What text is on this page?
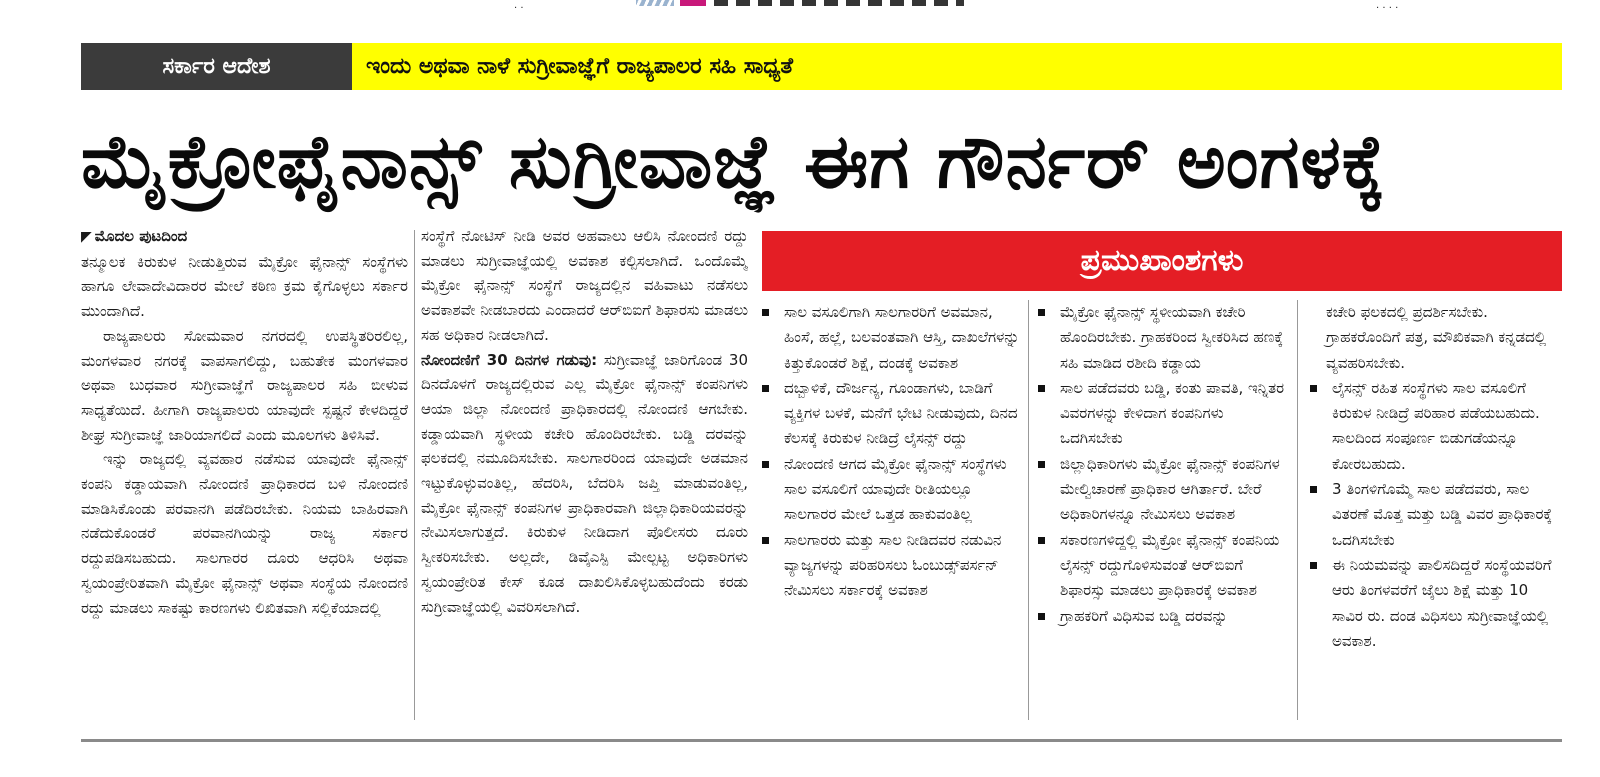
· ·	· · · ·
ಸರ್ಕಾರ ಆದೇಶ	ಇಂದು ಅಥವಾ ನಾಳೆ ಸುಗ್ರೀವಾಜ್ಞೆಗೆ ರಾಜ್ಯಪಾಲರ ಸಹಿ ಸಾಧ್ಯತೆ
ಮೈಕ್ರೋಫೈನಾನ್ಸ್ ಸುಗ್ರೀವಾಜ್ಞೆ ಈಗ ಗೌರ್ನರ್ ಅಂಗಳಕ್ಕೆ
◤ ಮೊದಲ ಪುಟದಿಂದ

ತನ್ಮೂಲಕ ಕಿರುಕುಳ ನೀಡುತ್ತಿರುವ ಮೈಕ್ರೋ ಫೈನಾನ್ಸ್ ಸಂಸ್ಥೆಗಳು ಹಾಗೂ ಲೇವಾದೇವಿದಾರರ ಮೇಲೆ ಕಠಿಣ ಕ್ರಮ ಕೈಗೊಳ್ಳಲು ಸರ್ಕಾರ ಮುಂದಾಗಿದೆ.

ರಾಜ್ಯಪಾಲರು ಸೋಮವಾರ ನಗರದಲ್ಲಿ ಉಪಸ್ಥಿತರಿರಲಿಲ್ಲ, ಮಂಗಳವಾರ ನಗರಕ್ಕೆ ವಾಪಸಾಗಲಿದ್ದು, ಬಹುತೇಕ ಮಂಗಳವಾರ ಅಥವಾ ಬುಧವಾರ ಸುಗ್ರೀವಾಜ್ಞೆಗೆ ರಾಜ್ಯಪಾಲರ ಸಹಿ ಬೀಳುವ ಸಾಧ್ಯತೆಯಿದೆ. ಹೀಗಾಗಿ ರಾಜ್ಯಪಾಲರು ಯಾವುದೇ ಸ್ಪಷ್ಟನೆ ಕೇಳದಿದ್ದರೆ ಶೀಘ್ರ ಸುಗ್ರೀವಾಜ್ಞೆ ಜಾರಿಯಾಗಲಿದೆ ಎಂದು ಮೂಲಗಳು ತಿಳಿಸಿವೆ.

ಇನ್ನು ರಾಜ್ಯದಲ್ಲಿ ವ್ಯವಹಾರ ನಡೆಸುವ ಯಾವುದೇ ಫೈನಾನ್ಸ್ ಕಂಪನಿ ಕಡ್ಡಾಯವಾಗಿ ನೋಂದಣಿ ಪ್ರಾಧಿಕಾರದ ಬಳಿ ನೋಂದಣಿ ಮಾಡಿಸಿಕೊಂಡು ಪರವಾನಗಿ ಪಡೆದಿರಬೇಕು. ನಿಯಮ ಬಾಹಿರವಾಗಿ ನಡೆದುಕೊಂಡರೆ ಪರವಾನಗಿಯನ್ನು ರಾಜ್ಯ ಸರ್ಕಾರ ರದ್ದುಪಡಿಸಬಹುದು. ಸಾಲಗಾರರ ದೂರು ಆಧರಿಸಿ ಅಥವಾ ಸ್ವಯಂಪ್ರೇರಿತವಾಗಿ ಮೈಕ್ರೋ ಫೈನಾನ್ಸ್ ಅಥವಾ ಸಂಸ್ಥೆಯ ನೋಂದಣಿ ರದ್ದು ಮಾಡಲು ಸಾಕಷ್ಟು ಕಾರಣಗಳು ಲಿಖಿತವಾಗಿ ಸಲ್ಲಿಕೆಯಾದಲ್ಲಿ

ಸಂಸ್ಥೆಗೆ ನೋಟಿಸ್ ನೀಡಿ ಅವರ ಅಹವಾಲು ಆಲಿಸಿ ನೋಂದಣಿ ರದ್ದು ಮಾಡಲು ಸುಗ್ರೀವಾಜ್ಞೆಯಲ್ಲಿ ಅವಕಾಶ ಕಲ್ಪಿಸಲಾಗಿದೆ. ಒಂದೊಮ್ಮೆ ಮೈಕ್ರೋ ಫೈನಾನ್ಸ್ ಸಂಸ್ಥೆಗೆ ರಾಜ್ಯದಲ್ಲಿನ ವಹಿವಾಟು ನಡೆಸಲು ಅವಕಾಶವೇ ನೀಡಬಾರದು ಎಂದಾದರೆ ಆರ್‌ಬಿಐಗೆ ಶಿಫಾರಸು ಮಾಡಲು ಸಹ ಅಧಿಕಾರ ನೀಡಲಾಗಿದೆ.

ನೋಂದಣಿಗೆ 30 ದಿನಗಳ ಗಡುವು: ಸುಗ್ರೀವಾಜ್ಞೆ ಜಾರಿಗೊಂಡ 30 ದಿನದೊಳಗೆ ರಾಜ್ಯದಲ್ಲಿರುವ ಎಲ್ಲ ಮೈಕ್ರೋ ಫೈನಾನ್ಸ್ ಕಂಪನಿಗಳು ಆಯಾ ಜಿಲ್ಲಾ ನೋಂದಣಿ ಪ್ರಾಧಿಕಾರದಲ್ಲಿ ನೋಂದಣಿ ಆಗಬೇಕು. ಕಡ್ಡಾಯವಾಗಿ ಸ್ಥಳೀಯ ಕಚೇರಿ ಹೊಂದಿರಬೇಕು. ಬಡ್ಡಿ ದರವನ್ನು ಫಲಕದಲ್ಲಿ ನಮೂದಿಸಬೇಕು. ಸಾಲಗಾರರಿಂದ ಯಾವುದೇ ಅಡಮಾನ ಇಟ್ಟುಕೊಳ್ಳುವಂತಿಲ್ಲ, ಹೆದರಿಸಿ, ಬೆದರಿಸಿ ಜಪ್ತಿ ಮಾಡುವಂತಿಲ್ಲ, ಮೈಕ್ರೋ ಫೈನಾನ್ಸ್ ಕಂಪನಿಗಳ ಪ್ರಾಧಿಕಾರವಾಗಿ ಜಿಲ್ಲಾಧಿಕಾರಿಯವರನ್ನು ನೇಮಿಸಲಾಗುತ್ತದೆ. ಕಿರುಕುಳ ನೀಡಿದಾಗ ಪೊಲೀಸರು ದೂರು ಸ್ವೀಕರಿಸಬೇಕು. ಅಲ್ಲದೇ, ಡಿವೈಎಸ್ಪಿ ಮೇಲ್ಪಟ್ಟ ಅಧಿಕಾರಿಗಳು ಸ್ವಯಂಪ್ರೇರಿತ ಕೇಸ್ ಕೂಡ ದಾಖಲಿಸಿಕೊಳ್ಳಬಹುದೆಂದು ಕರಡು ಸುಗ್ರೀವಾಜ್ಞೆಯಲ್ಲಿ ವಿವರಿಸಲಾಗಿದೆ.

ಪ್ರಮುಖಾಂಶಗಳು
ಸಾಲ ವಸೂಲಿಗಾಗಿ ಸಾಲಗಾರರಿಗೆ ಅವಮಾನ, ಹಿಂಸೆ, ಹಲ್ಲೆ, ಬಲವಂತವಾಗಿ ಆಸ್ತಿ, ದಾಖಲೆಗಳನ್ನು ಕಿತ್ತುಕೊಂಡರೆ ಶಿಕ್ಷೆ, ದಂಡಕ್ಕೆ ಅವಕಾಶ
ದಬ್ಬಾಳಿಕೆ, ದೌರ್ಜನ್ಯ, ಗೂಂಡಾಗಳು, ಬಾಡಿಗೆ ವ್ಯಕ್ತಿಗಳ ಬಳಕೆ, ಮನೆಗೆ ಭೇಟಿ ನೀಡುವುದು, ದಿನದ ಕೆಲಸಕ್ಕೆ ಕಿರುಕುಳ ನೀಡಿದ್ರೆ ಲೈಸನ್ಸ್ ರದ್ದು
ನೋಂದಣಿ ಆಗದ ಮೈಕ್ರೋ ಫೈನಾನ್ಸ್ ಸಂಸ್ಥೆಗಳು ಸಾಲ ವಸೂಲಿಗೆ ಯಾವುದೇ ರೀತಿಯಲ್ಲೂ ಸಾಲಗಾರರ ಮೇಲೆ ಒತ್ತಡ ಹಾಕುವಂತಿಲ್ಲ
ಸಾಲಗಾರರು ಮತ್ತು ಸಾಲ ನೀಡಿದವರ ನಡುವಿನ ವ್ಯಾಜ್ಯಗಳನ್ನು ಪರಿಹರಿಸಲು ಓಂಬುಡ್ಸ್‌ಪರ್ಸನ್ ನೇಮಿಸಲು ಸರ್ಕಾರಕ್ಕೆ ಅವಕಾಶ
ಮೈಕ್ರೋ ಫೈನಾನ್ಸ್ ಸ್ಥಳೀಯವಾಗಿ ಕಚೇರಿ ಹೊಂದಿರಬೇಕು. ಗ್ರಾಹಕರಿಂದ ಸ್ವೀಕರಿಸಿದ ಹಣಕ್ಕೆ ಸಹಿ ಮಾಡಿದ ರಶೀದಿ ಕಡ್ಡಾಯ
ಸಾಲ ಪಡೆದವರು ಬಡ್ಡಿ, ಕಂತು ಪಾವತಿ, ಇನ್ನಿತರ ವಿವರಗಳನ್ನು ಕೇಳಿದಾಗ ಕಂಪನಿಗಳು ಒದಗಿಸಬೇಕು
ಜಿಲ್ಲಾಧಿಕಾರಿಗಳು ಮೈಕ್ರೋ ಫೈನಾನ್ಸ್ ಕಂಪನಿಗಳ ಮೇಲ್ವಿಚಾರಣೆ ಪ್ರಾಧಿಕಾರ ಆಗಿರ್ತಾರೆ. ಬೇರೆ ಅಧಿಕಾರಿಗಳನ್ನೂ ನೇಮಿಸಲು ಅವಕಾಶ
ಸಕಾರಣಗಳಿದ್ದಲ್ಲಿ ಮೈಕ್ರೋ ಫೈನಾನ್ಸ್ ಕಂಪನಿಯ ಲೈಸನ್ಸ್ ರದ್ದುಗೊಳಿಸುವಂತೆ ಆರ್‌ಬಿಐಗೆ ಶಿಫಾರಸ್ಸು ಮಾಡಲು ಪ್ರಾಧಿಕಾರಕ್ಕೆ ಅವಕಾಶ
ಗ್ರಾಹಕರಿಗೆ ವಿಧಿಸುವ ಬಡ್ಡಿ ದರವನ್ನು
ಕಚೇರಿ ಫಲಕದಲ್ಲಿ ಪ್ರದರ್ಶಿಸಬೇಕು. ಗ್ರಾಹಕರೊಂದಿಗೆ ಪತ್ರ, ಮೌಖಿಕವಾಗಿ ಕನ್ನಡದಲ್ಲಿ ವ್ಯವಹರಿಸಬೇಕು.
ಲೈಸನ್ಸ್ ರಹಿತ ಸಂಸ್ಥೆಗಳು ಸಾಲ ವಸೂಲಿಗೆ ಕಿರುಕುಳ ನೀಡಿದ್ರೆ ಪರಿಹಾರ ಪಡೆಯಬಹುದು. ಸಾಲದಿಂದ ಸಂಪೂರ್ಣ ಬಿಡುಗಡೆಯನ್ನೂ ಕೋರಬಹುದು.
3 ತಿಂಗಳಿಗೊಮ್ಮೆ ಸಾಲ ಪಡೆದವರು, ಸಾಲ ವಿತರಣೆ ಮೊತ್ತ ಮತ್ತು ಬಡ್ಡಿ ವಿವರ ಪ್ರಾಧಿಕಾರಕ್ಕೆ ಒದಗಿಸಬೇಕು
ಈ ನಿಯಮವನ್ನು ಪಾಲಿಸದಿದ್ದರೆ ಸಂಸ್ಥೆಯವರಿಗೆ ಆರು ತಿಂಗಳವರೆಗೆ ಜೈಲು ಶಿಕ್ಷೆ ಮತ್ತು 10 ಸಾವಿರ ರು. ದಂಡ ವಿಧಿಸಲು ಸುಗ್ರೀವಾಜ್ಞೆಯಲ್ಲಿ ಅವಕಾಶ.
